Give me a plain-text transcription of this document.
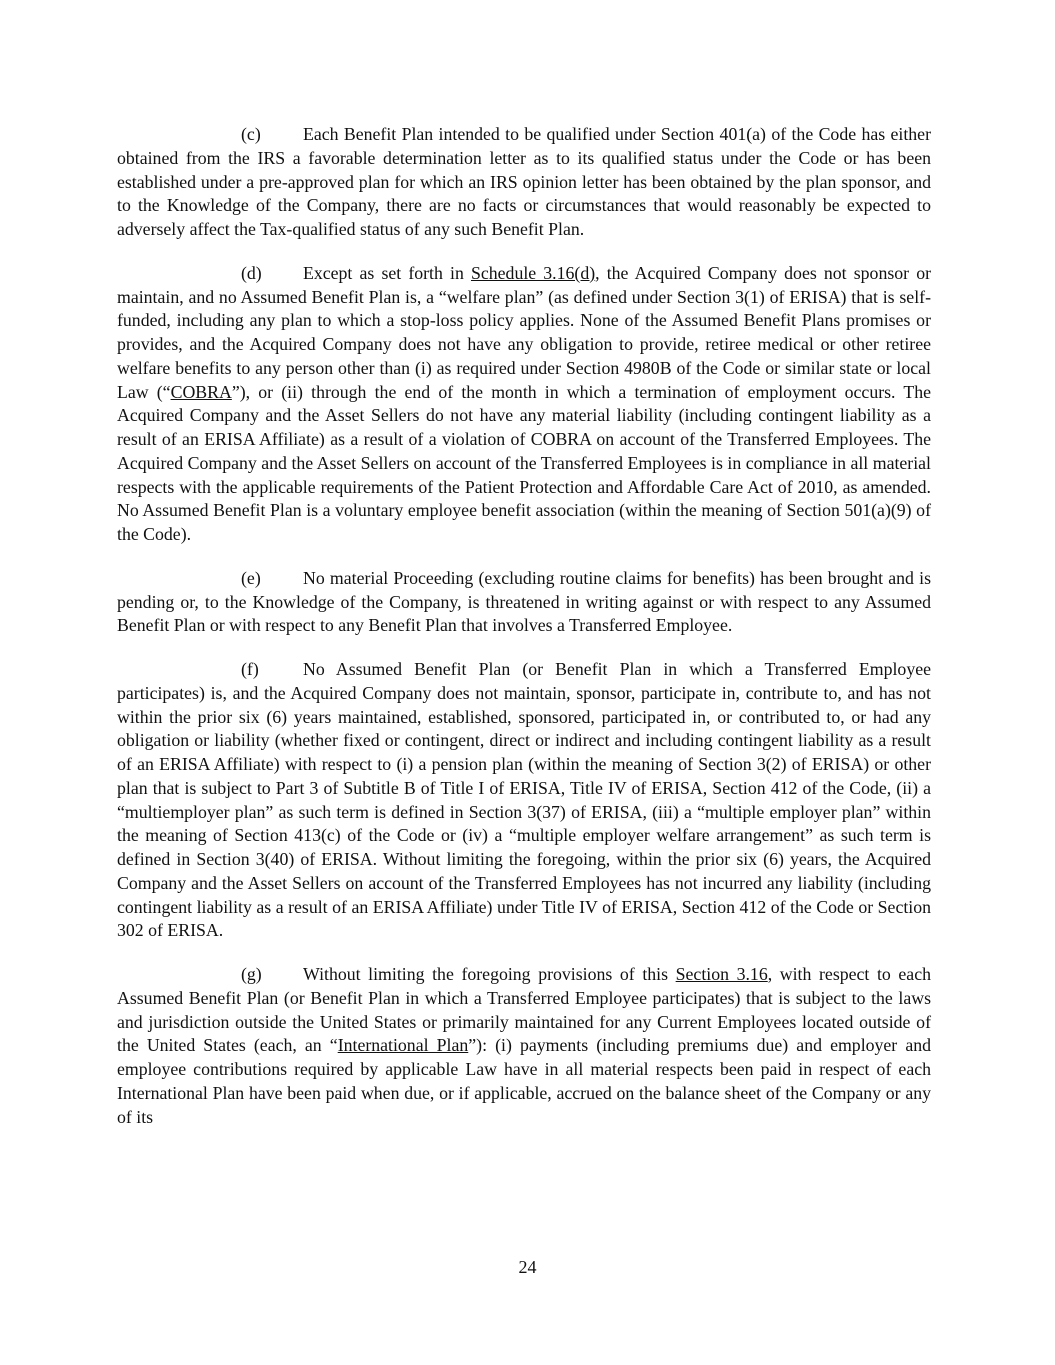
(c) Each Benefit Plan intended to be qualified under Section 401(a) of the Code has either obtained from the IRS a favorable determination letter as to its qualified status under the Code or has been established under a pre-approved plan for which an IRS opinion letter has been obtained by the plan sponsor, and to the Knowledge of the Company, there are no facts or circumstances that would reasonably be expected to adversely affect the Tax-qualified status of any such Benefit Plan.

(d) Except as set forth in Schedule 3.16(d), the Acquired Company does not sponsor or maintain, and no Assumed Benefit Plan is, a “welfare plan” (as defined under Section 3(1) of ERISA) that is self-funded, including any plan to which a stop-loss policy applies. None of the Assumed Benefit Plans promises or provides, and the Acquired Company does not have any obligation to provide, retiree medical or other retiree welfare benefits to any person other than (i) as required under Section 4980B of the Code or similar state or local Law (“COBRA”), or (ii) through the end of the month in which a termination of employment occurs. The Acquired Company and the Asset Sellers do not have any material liability (including contingent liability as a result of an ERISA Affiliate) as a result of a violation of COBRA on account of the Transferred Employees. The Acquired Company and the Asset Sellers on account of the Transferred Employees is in compliance in all material respects with the applicable requirements of the Patient Protection and Affordable Care Act of 2010, as amended. No Assumed Benefit Plan is a voluntary employee benefit association (within the meaning of Section 501(a)(9) of the Code).

(e) No material Proceeding (excluding routine claims for benefits) has been brought and is pending or, to the Knowledge of the Company, is threatened in writing against or with respect to any Assumed Benefit Plan or with respect to any Benefit Plan that involves a Transferred Employee.

(f) No Assumed Benefit Plan (or Benefit Plan in which a Transferred Employee participates) is, and the Acquired Company does not maintain, sponsor, participate in, contribute to, and has not within the prior six (6) years maintained, established, sponsored, participated in, or contributed to, or had any obligation or liability (whether fixed or contingent, direct or indirect and including contingent liability as a result of an ERISA Affiliate) with respect to (i) a pension plan (within the meaning of Section 3(2) of ERISA) or other plan that is subject to Part 3 of Subtitle B of Title I of ERISA, Title IV of ERISA, Section 412 of the Code, (ii) a “multiemployer plan” as such term is defined in Section 3(37) of ERISA, (iii) a “multiple employer plan” within the meaning of Section 413(c) of the Code or (iv) a “multiple employer welfare arrangement” as such term is defined in Section 3(40) of ERISA. Without limiting the foregoing, within the prior six (6) years, the Acquired Company and the Asset Sellers on account of the Transferred Employees has not incurred any liability (including contingent liability as a result of an ERISA Affiliate) under Title IV of ERISA, Section 412 of the Code or Section 302 of ERISA.

(g) Without limiting the foregoing provisions of this Section 3.16, with respect to each Assumed Benefit Plan (or Benefit Plan in which a Transferred Employee participates) that is subject to the laws and jurisdiction outside the United States or primarily maintained for any Current Employees located outside of the United States (each, an “International Plan”): (i) payments (including premiums due) and employer and employee contributions required by applicable Law have in all material respects been paid in respect of each International Plan have been paid when due, or if applicable, accrued on the balance sheet of the Company or any of its

24
